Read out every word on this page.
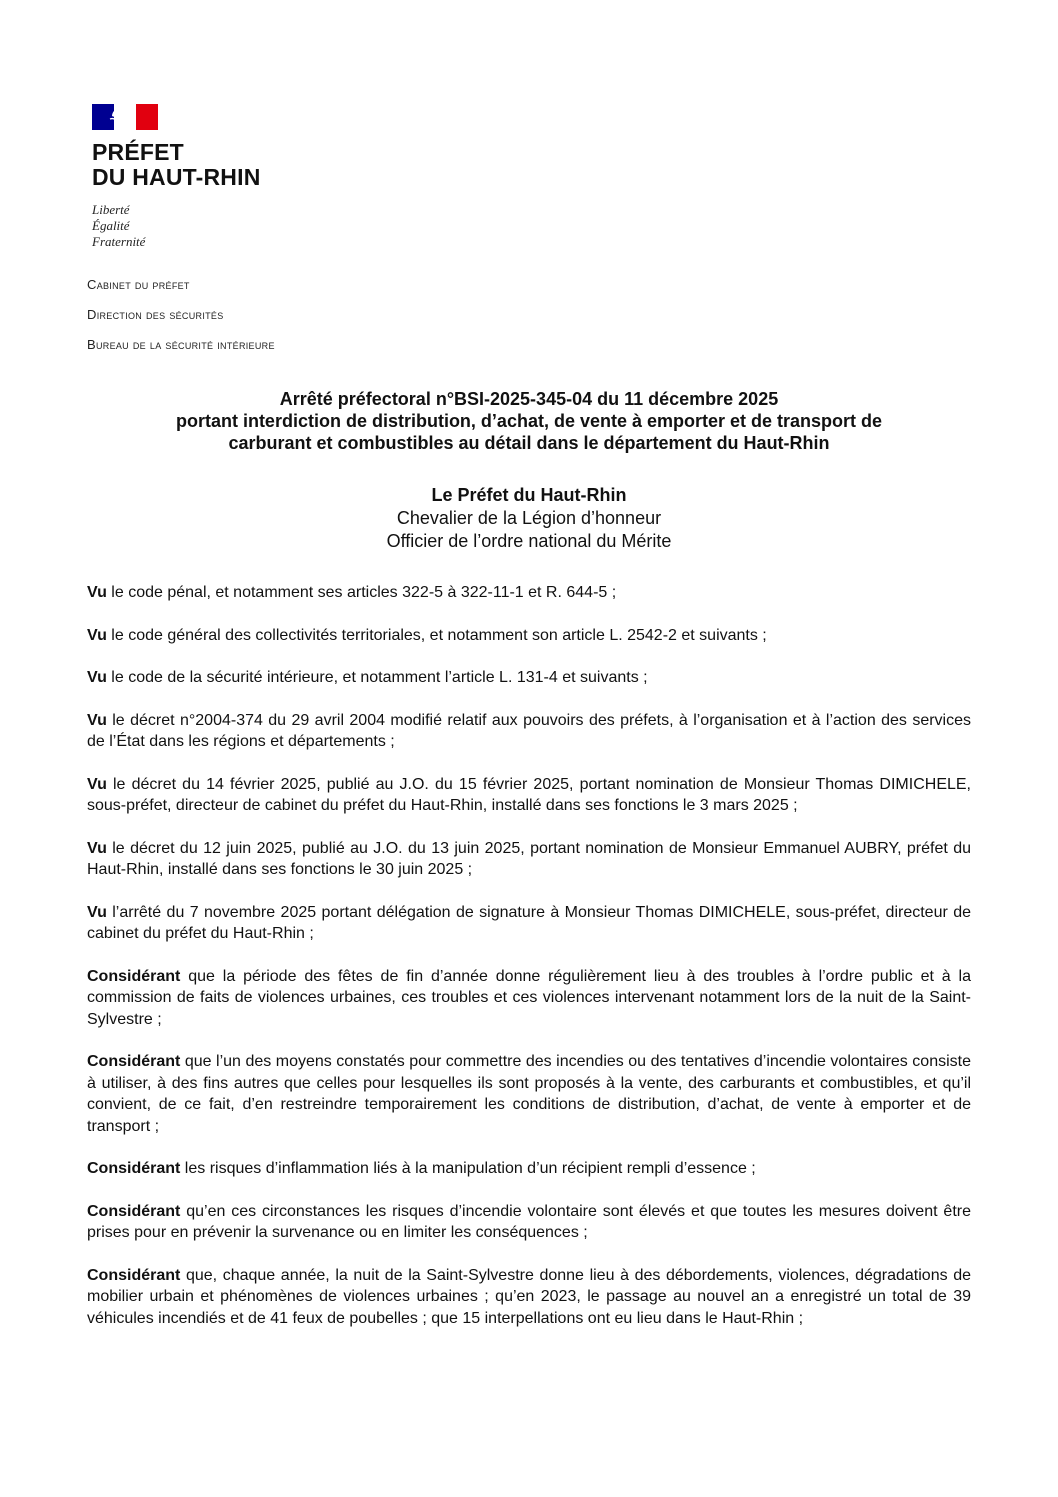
PRÉFET
DU HAUT-RHIN
Liberté
Égalité
Fraternité
Cabinet du préfet
Direction des sécurités
Bureau de la sécurité intérieure
Arrêté préfectoral n°BSI-2025-345-04 du 11 décembre 2025
portant interdiction de distribution, d’achat, de vente à emporter et de transport de
carburant et combustibles au détail dans le département du Haut-Rhin
Le Préfet du Haut-Rhin
Chevalier de la Légion d’honneur
Officier de l’ordre national du Mérite

Vu le code pénal, et notamment ses articles 322-5 à 322-11-1 et R. 644-5 ;

Vu le code général des collectivités territoriales, et notamment son article L. 2542-2 et suivants ;

Vu le code de la sécurité intérieure, et notamment l’article L. 131-4 et suivants ;

Vu le décret n°2004-374 du 29 avril 2004 modifié relatif aux pouvoirs des préfets, à l’organisation et à l’action des services de l’État dans les régions et départements ;

Vu le décret du 14 février 2025, publié au J.O. du 15 février 2025, portant nomination de Monsieur Thomas DIMICHELE, sous-préfet, directeur de cabinet du préfet du Haut-Rhin, installé dans ses fonctions le 3 mars 2025 ;

Vu le décret du 12 juin 2025, publié au J.O. du 13 juin 2025, portant nomination de Monsieur Emmanuel AUBRY, préfet du Haut-Rhin, installé dans ses fonctions le 30 juin 2025 ;

Vu l’arrêté du 7 novembre 2025 portant délégation de signature à Monsieur Thomas DIMICHELE, sous-préfet, directeur de cabinet du préfet du Haut-Rhin ;

Considérant que la période des fêtes de fin d’année donne régulièrement lieu à des troubles à l’ordre public et à la commission de faits de violences urbaines, ces troubles et ces violences intervenant notamment lors de la nuit de la Saint-Sylvestre ;

Considérant que l’un des moyens constatés pour commettre des incendies ou des tentatives d’incendie volontaires consiste à utiliser, à des fins autres que celles pour lesquelles ils sont proposés à la vente, des carburants et combustibles, et qu’il convient, de ce fait, d’en restreindre temporairement les conditions de distribution, d’achat, de vente à emporter et de transport ;

Considérant les risques d’inflammation liés à la manipulation d’un récipient rempli d’essence ;

Considérant qu’en ces circonstances les risques d’incendie volontaire sont élevés et que toutes les mesures doivent être prises pour en prévenir la survenance ou en limiter les conséquences ;

Considérant que, chaque année, la nuit de la Saint-Sylvestre donne lieu à des débordements, violences, dégradations de mobilier urbain et phénomènes de violences urbaines ; qu’en 2023, le passage au nouvel an a enregistré un total de 39 véhicules incendiés et de 41 feux de poubelles ; que 15 interpellations ont eu lieu dans le Haut-Rhin ;
